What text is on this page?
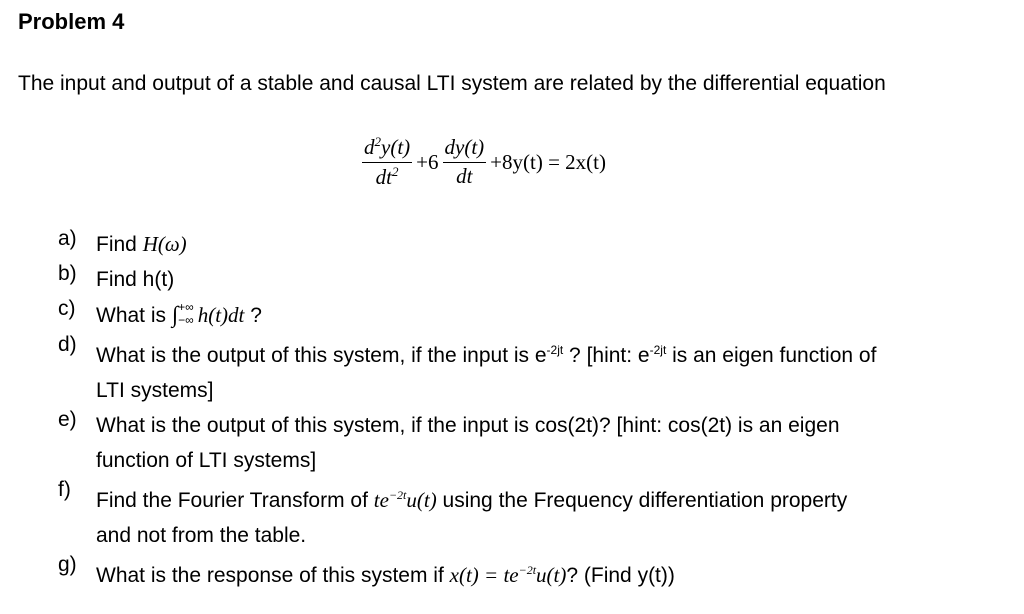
Problem 4
The input and output of a stable and causal LTI system are related by the differential equation
$\frac{d^2y(t)}{dt^2} +6 \frac{dy(t)}{dt} +8y(t) = 2x(t)$
a) Find H(ω)
b) Find h(t)
c) What is ∫ +∞
−∞ h(t)dt ?
d) What is the output of this system, if the input is $e^{-2jt}$ ? [hint: $e^{-2jt}$ is an eigen function of
LTI systems]
e) What is the output of this system, if the input is cos(2t)? [hint: cos(2t) is an eigen
function of LTI systems]
f) Find the Fourier Transform of $te^{-2t}u(t)$ using the Frequency differentiation property
and not from the table.
g) What is the response of this system if $x(t) = te^{-2t}u(t)$? (Find y(t))
